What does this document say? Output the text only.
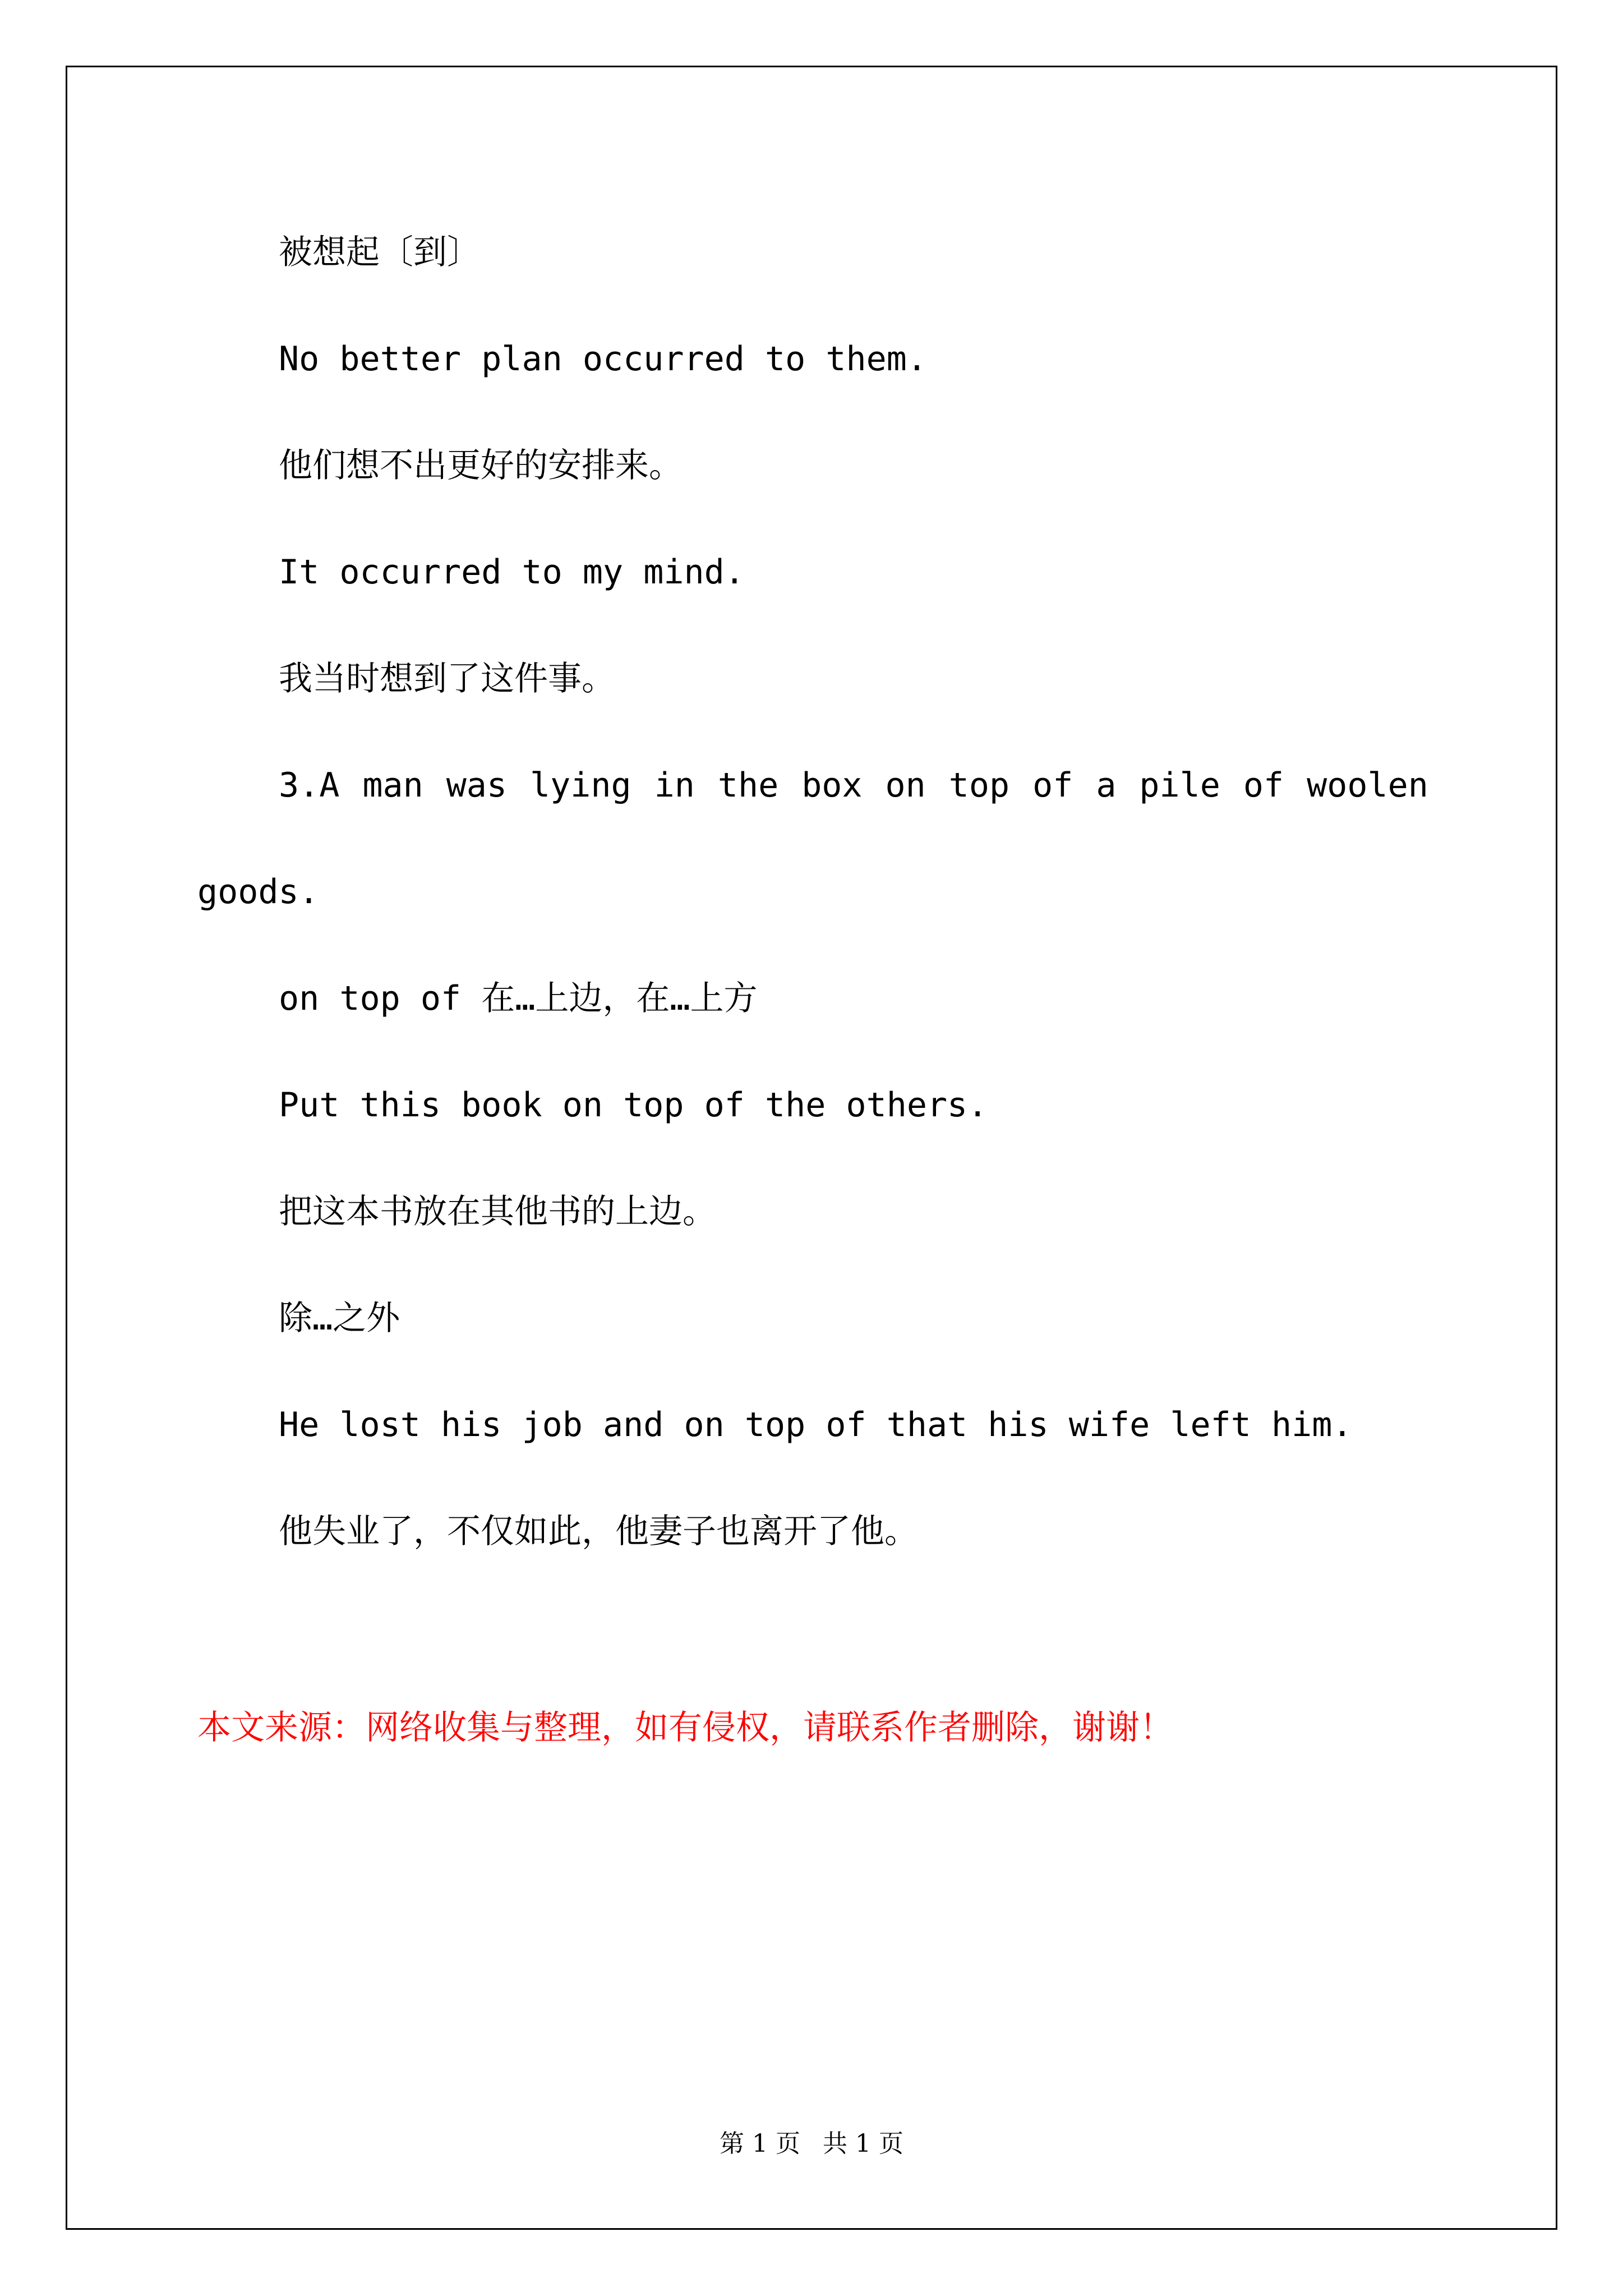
被想起〔到〕
No better plan occurred to them.
他们想不出更好的安排来。
It occurred to my mind.
我当时想到了这件事。
3.A man was lying in the box on top of a pile of woolen
goods.
on top of 在…上边，在…上方
Put this book on top of the others.
把这本书放在其他书的上边。
除…之外
He lost his job and on top of that his wife left him.
他失业了，不仅如此，他妻子也离开了他。
本文来源：网络收集与整理，如有侵权，请联系作者删除，谢谢！
第 1 页 共 1 页
